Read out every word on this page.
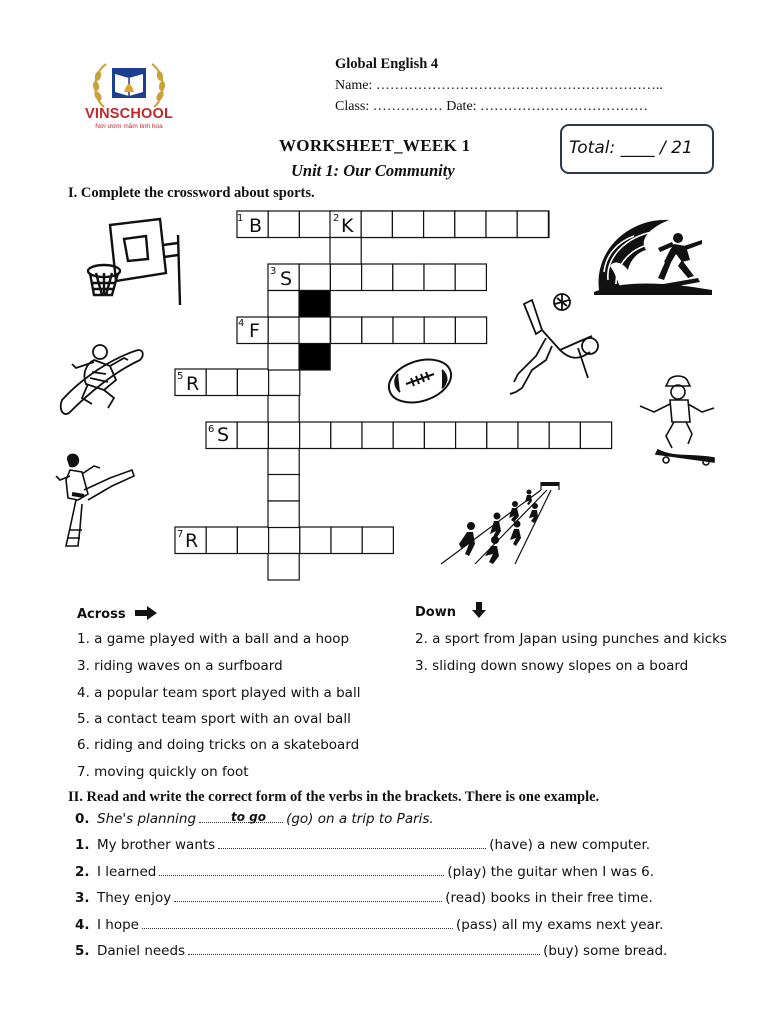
VINSCHOOL
Nơi ươm mầm tinh hoa
Global English 4
Name: ……………………………………………………..
Class: …………… Date: ………………………………
WORKSHEET_WEEK 1
Unit 1: Our Community
Total: ____ / 21
I. Complete the crossword about sports.
1 B	2 K
3 S
4 F
5 R
6 S
7 R
Across	Down
1. a game played with a ball and a hoop
3. riding waves on a surfboard
4. a popular team sport played with a ball
5. a contact team sport with an oval ball
6. riding and doing tricks on a skateboard
7. moving quickly on foot
2. a sport from Japan using punches and kicks
3. sliding down snowy slopes on a board
II. Read and write the correct form of the verbs in the brackets. There is one example.
to go
0. She's planning	(go) on a trip to Paris.
1. My brother wants	(have) a new computer.
2. I learned	(play) the guitar when I was 6.
3. They enjoy	(read) books in their free time.
4. I hope	(pass) all my exams next year.
5. Daniel needs	(buy) some bread.
